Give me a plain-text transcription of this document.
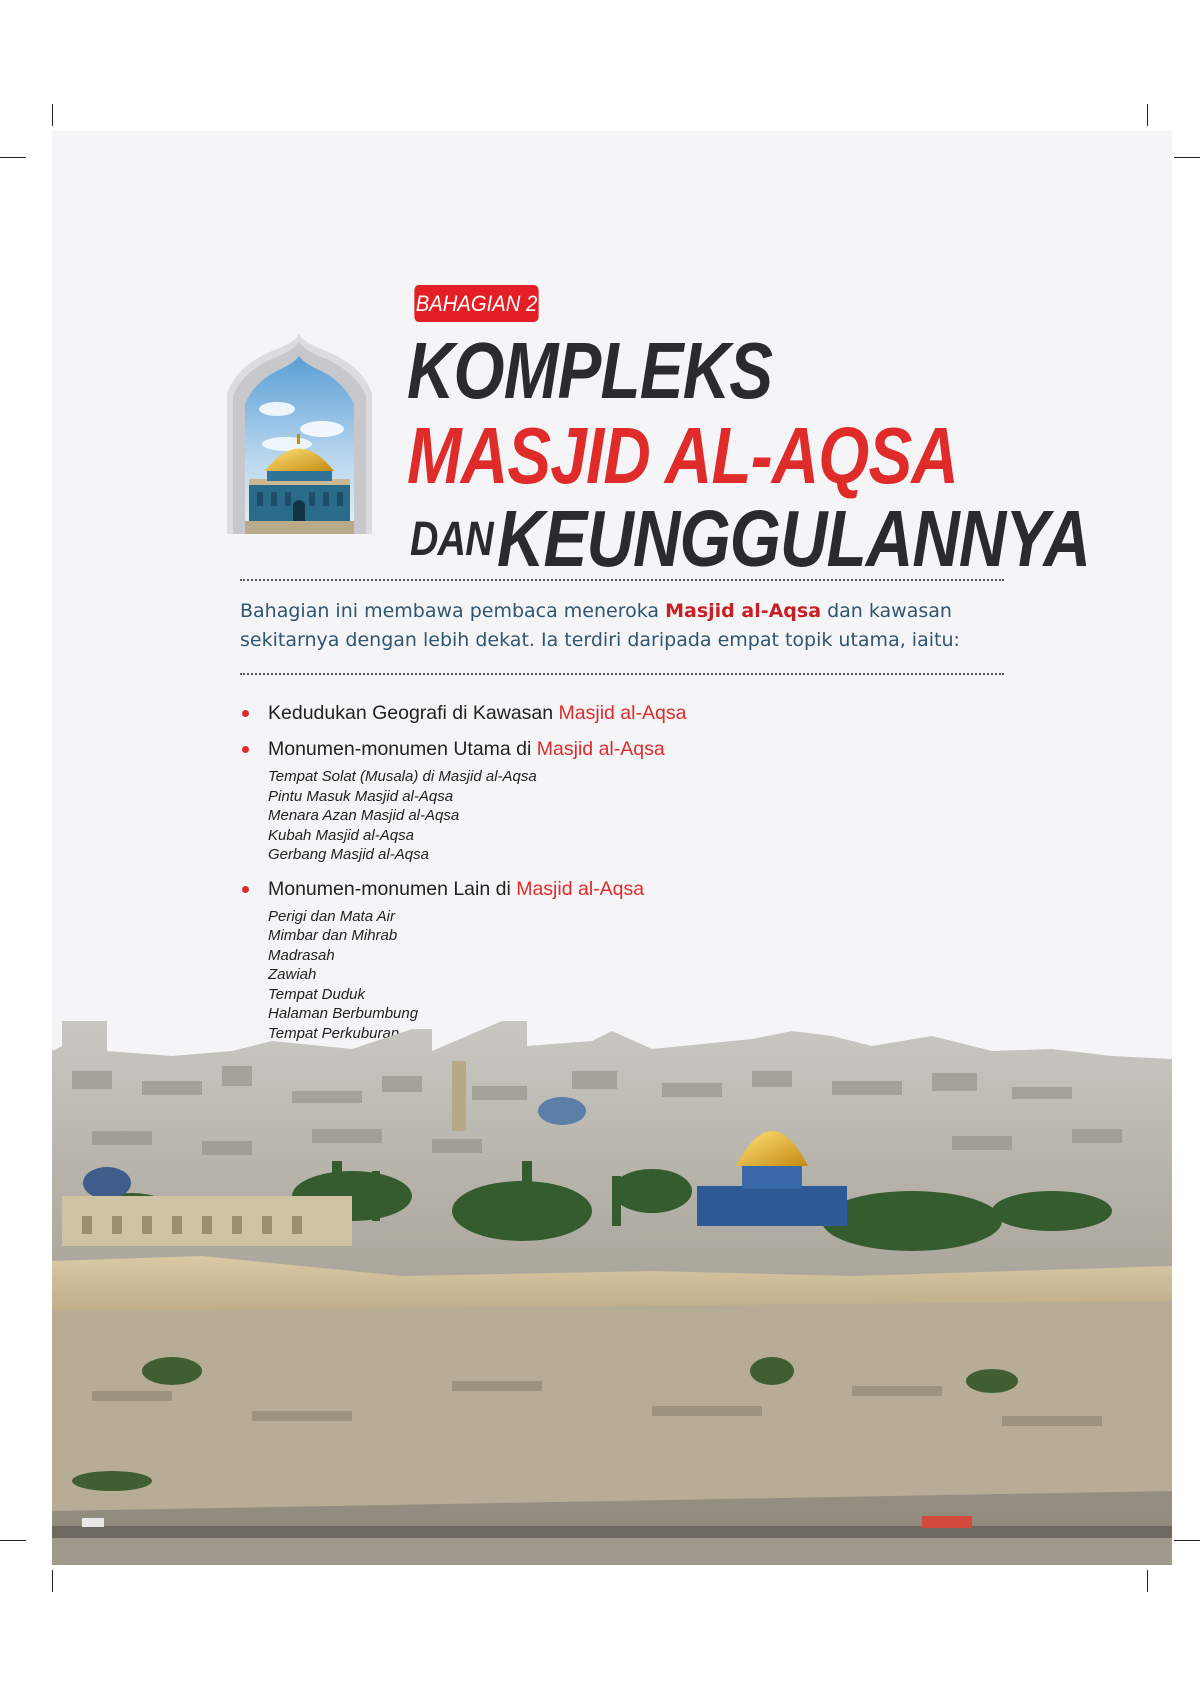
BAHAGIAN 2
KOMPLEKS
MASJID AL-AQSA
DAN KEUNGGULANNYA
Bahagian ini membawa pembaca meneroka Masjid al-Aqsa dan kawasan sekitarnya dengan lebih dekat. Ia terdiri daripada empat topik utama, iaitu:
Kedudukan Geografi di Kawasan Masjid al-Aqsa
Monumen-monumen Utama di Masjid al-Aqsa
Tempat Solat (Musala) di Masjid al-Aqsa
Pintu Masuk Masjid al-Aqsa
Menara Azan Masjid al-Aqsa
Kubah Masjid al-Aqsa
Gerbang Masjid al-Aqsa
Monumen-monumen Lain di Masjid al-Aqsa
Perigi dan Mata Air
Mimbar dan Mihrab
Madrasah
Zawiah
Tempat Duduk
Halaman Berbumbung
Tempat Perkuburan
